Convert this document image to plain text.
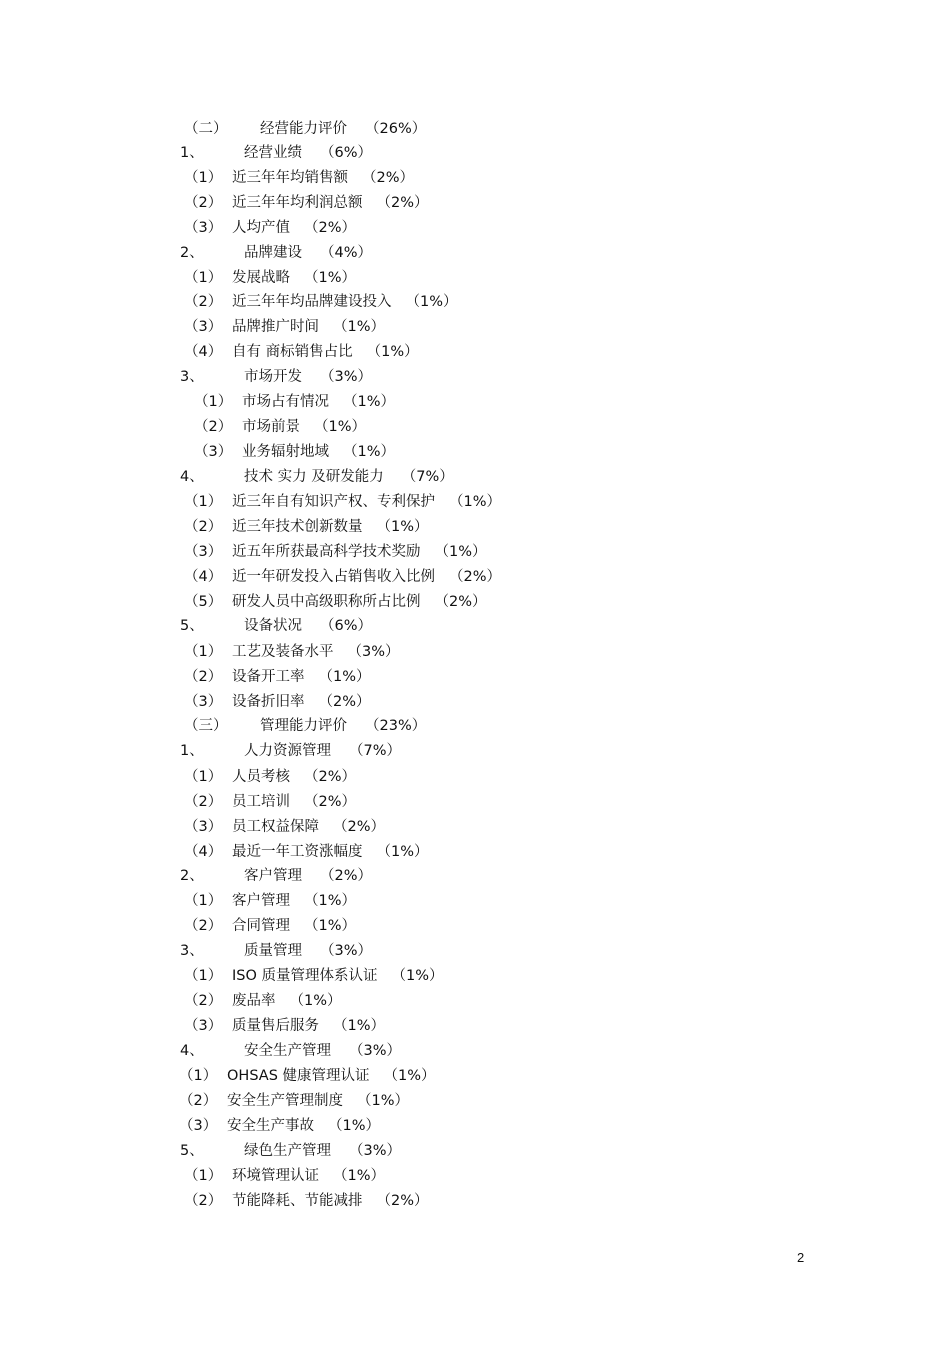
（二） 经营能力评价 （26%）
1、	经营业绩 （6%）
（1） 近三年年均销售额 （2%）
（2） 近三年年均利润总额 （2%）
（3） 人均产值 （2%）
2、	品牌建设 （4%）
（1） 发展战略 （1%）
（2） 近三年年均品牌建设投入 （1%）
（3） 品牌推广时间 （1%）
（4） 自有 商标销售占比 （1%）
3、	市场开发 （3%）
（1） 市场占有情况 （1%）
（2） 市场前景 （1%）
（3） 业务辐射地域 （1%）
4、	技术 实力 及研发能力 （7%）
（1） 近三年自有知识产权、专利保护 （1%）
（2） 近三年技术创新数量 （1%）
（3） 近五年所获最高科学技术奖励 （1%）
（4） 近一年研发投入占销售收入比例 （2%）
（5） 研发人员中高级职称所占比例 （2%）
5、	设备状况 （6%）
（1） 工艺及装备水平 （3%）
（2） 设备开工率 （1%）
（3） 设备折旧率 （2%）
（三） 管理能力评价 （23%）
1、	人力资源管理 （7%）
（1） 人员考核 （2%）
（2） 员工培训 （2%）
（3） 员工权益保障 （2%）
（4） 最近一年工资涨幅度 （1%）
2、	客户管理 （2%）
（1） 客户管理 （1%）
（2） 合同管理 （1%）
3、	质量管理 （3%）
（1） ISO 质量管理体系认证 （1%）
（2） 废品率 （1%）
（3） 质量售后服务 （1%）
4、	安全生产管理 （3%）
（1） OHSAS 健康管理认证 （1%）
（2） 安全生产管理制度 （1%）
（3） 安全生产事故 （1%）
5、	绿色生产管理 （3%）
（1） 环境管理认证 （1%）
（2） 节能降耗、节能减排 （2%）
2
